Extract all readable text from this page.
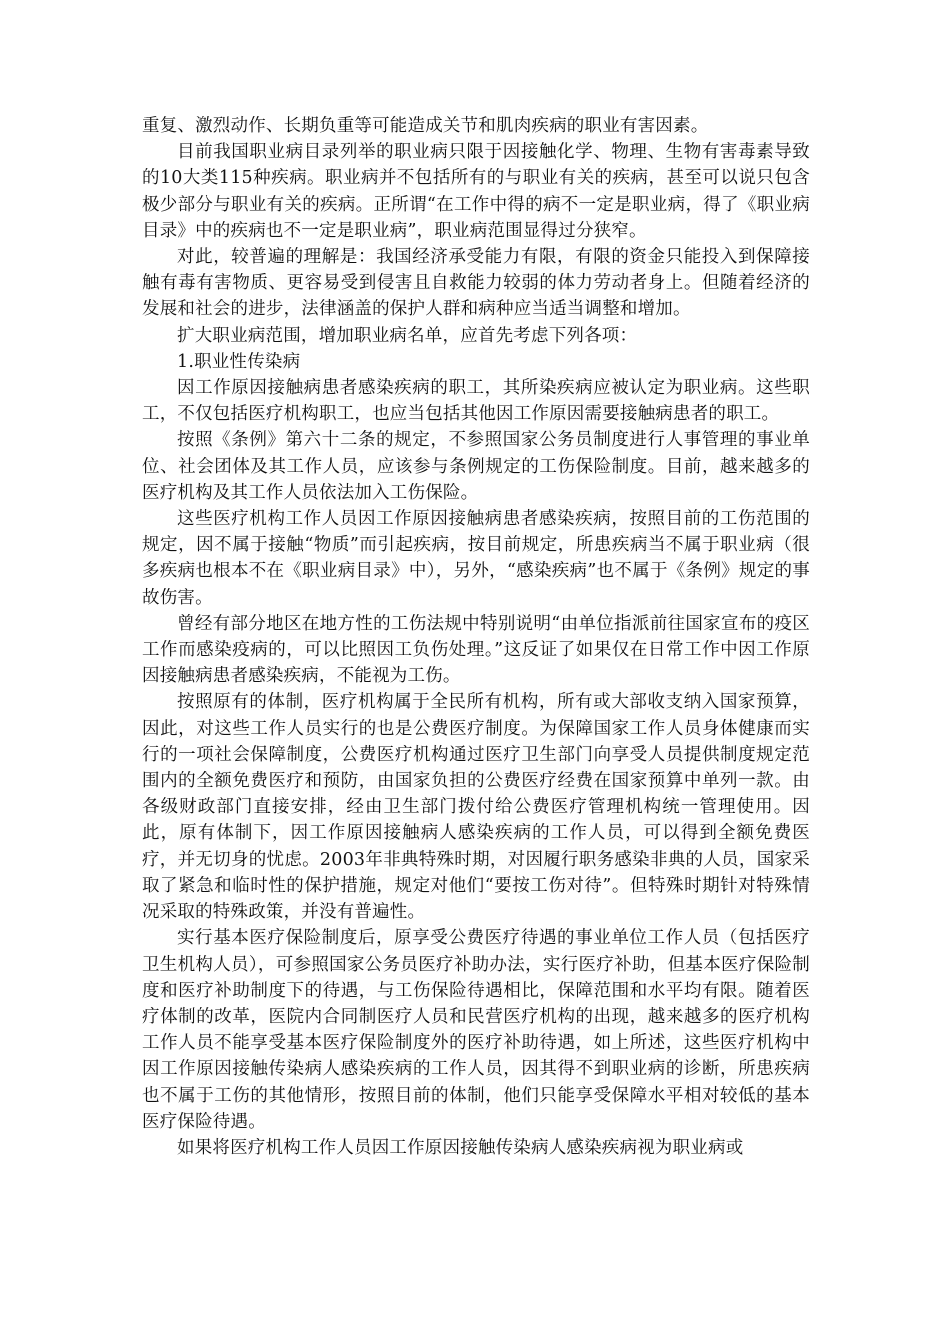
重复、激烈动作、长期负重等可能造成关节和肌肉疾病的职业有害因素。

目前我国职业病目录列举的职业病只限于因接触化学、物理、生物有害毒素导致的10大类115种疾病。职业病并不包括所有的与职业有关的疾病，甚至可以说只包含极少部分与职业有关的疾病。正所谓“在工作中得的病不一定是职业病，得了《职业病目录》中的疾病也不一定是职业病”，职业病范围显得过分狭窄。

对此，较普遍的理解是：我国经济承受能力有限，有限的资金只能投入到保障接触有毒有害物质、更容易受到侵害且自救能力较弱的体力劳动者身上。但随着经济的发展和社会的进步，法律涵盖的保护人群和病种应当适当调整和增加。

扩大职业病范围，增加职业病名单，应首先考虑下列各项：

1.职业性传染病

因工作原因接触病患者感染疾病的职工，其所染疾病应被认定为职业病。这些职工，不仅包括医疗机构职工，也应当包括其他因工作原因需要接触病患者的职工。

按照《条例》第六十二条的规定，不参照国家公务员制度进行人事管理的事业单位、社会团体及其工作人员，应该参与条例规定的工伤保险制度。目前，越来越多的医疗机构及其工作人员依法加入工伤保险。

这些医疗机构工作人员因工作原因接触病患者感染疾病，按照目前的工伤范围的规定，因不属于接触“物质”而引起疾病，按目前规定，所患疾病当不属于职业病（很多疾病也根本不在《职业病目录》中），另外，“感染疾病”也不属于《条例》规定的事故伤害。

曾经有部分地区在地方性的工伤法规中特别说明“由单位指派前往国家宣布的疫区工作而感染疫病的，可以比照因工负伤处理。”这反证了如果仅在日常工作中因工作原因接触病患者感染疾病，不能视为工伤。

按照原有的体制，医疗机构属于全民所有机构，所有或大部收支纳入国家预算，因此，对这些工作人员实行的也是公费医疗制度。为保障国家工作人员身体健康而实行的一项社会保障制度，公费医疗机构通过医疗卫生部门向享受人员提供制度规定范围内的全额免费医疗和预防，由国家负担的公费医疗经费在国家预算中单列一款。由各级财政部门直接安排，经由卫生部门拨付给公费医疗管理机构统一管理使用。因此，原有体制下，因工作原因接触病人感染疾病的工作人员，可以得到全额免费医疗，并无切身的忧虑。2003年非典特殊时期，对因履行职务感染非典的人员，国家采取了紧急和临时性的保护措施，规定对他们“要按工伤对待”。但特殊时期针对特殊情况采取的特殊政策，并没有普遍性。

实行基本医疗保险制度后，原享受公费医疗待遇的事业单位工作人员（包括医疗卫生机构人员），可参照国家公务员医疗补助办法，实行医疗补助，但基本医疗保险制度和医疗补助制度下的待遇，与工伤保险待遇相比，保障范围和水平均有限。随着医疗体制的改革，医院内合同制医疗人员和民营医疗机构的出现，越来越多的医疗机构工作人员不能享受基本医疗保险制度外的医疗补助待遇，如上所述，这些医疗机构中因工作原因接触传染病人感染疾病的工作人员，因其得不到职业病的诊断，所患疾病也不属于工伤的其他情形，按照目前的体制，他们只能享受保障水平相对较低的基本医疗保险待遇。

如果将医疗机构工作人员因工作原因接触传染病人感染疾病视为职业病或
